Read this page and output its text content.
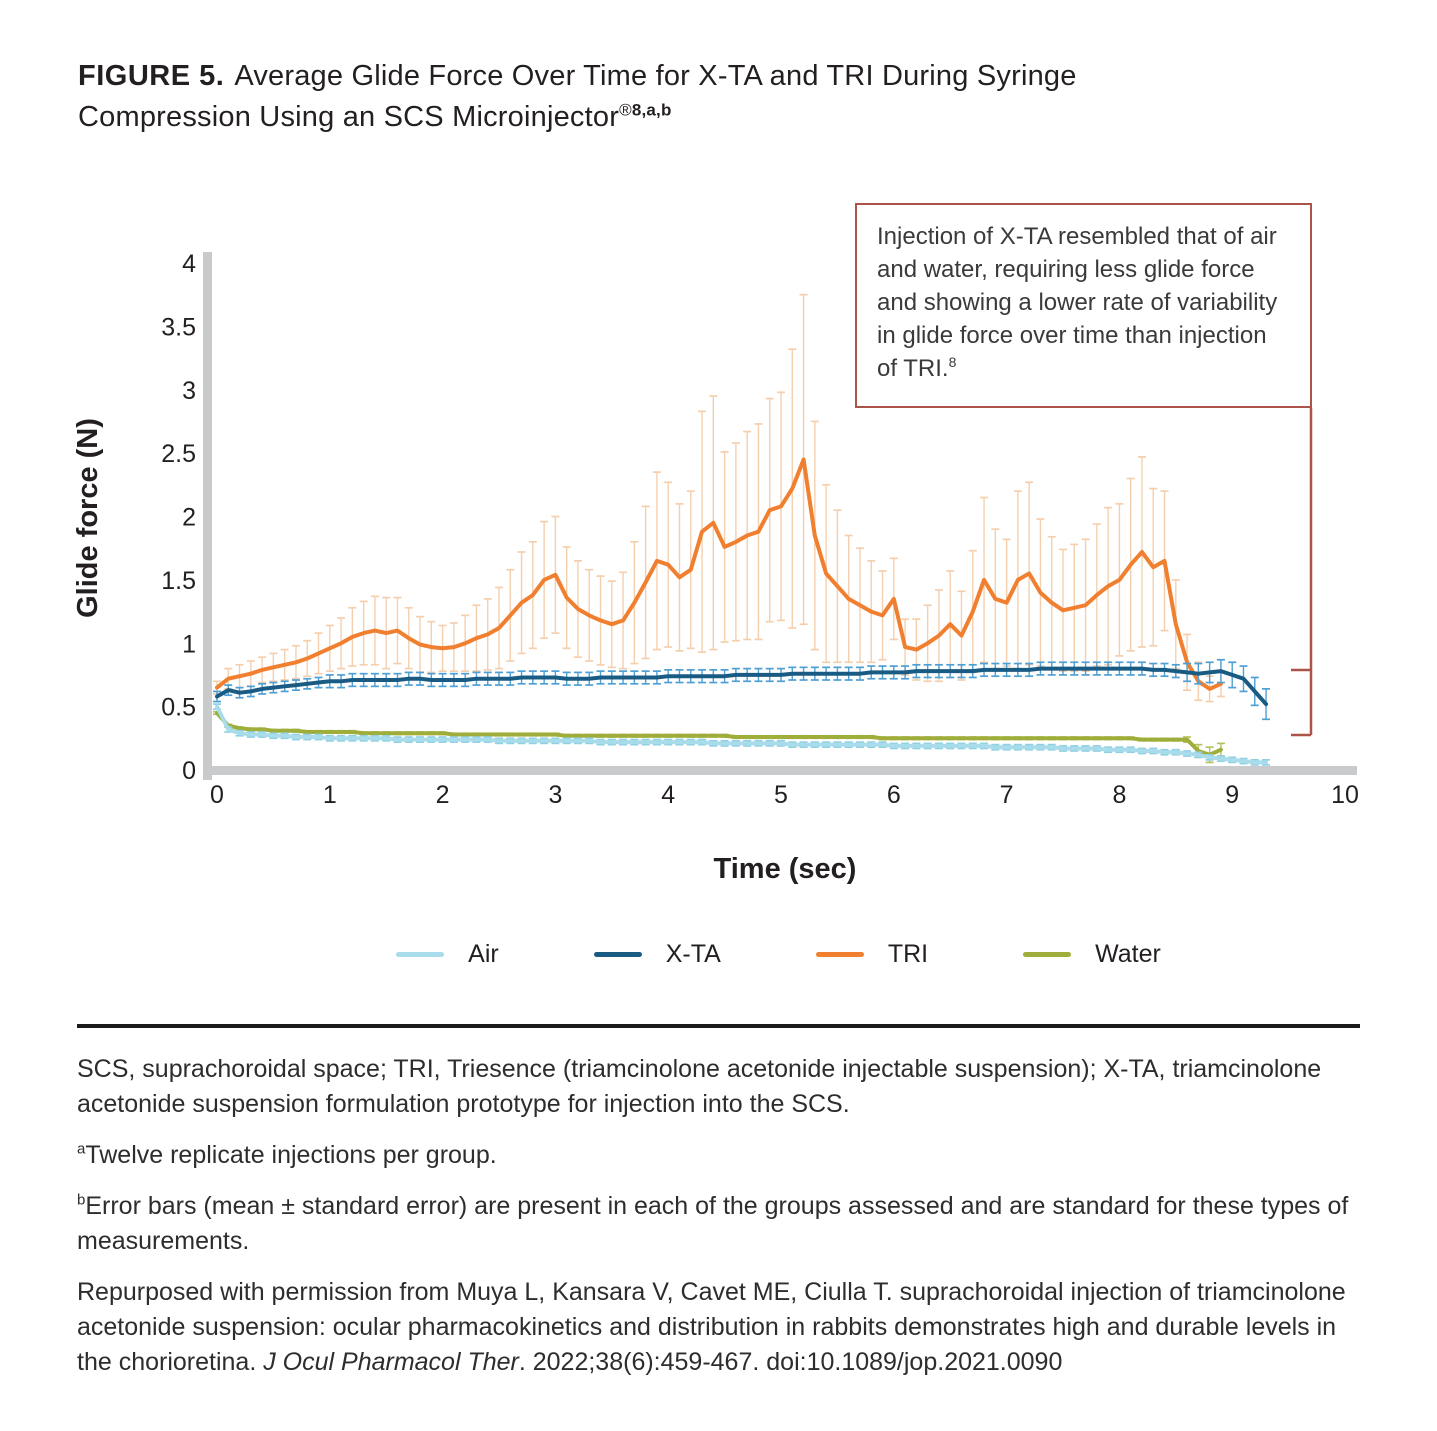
FIGURE 5. Average Glide Force Over Time for X-TA and TRI During Syringe Compression Using an SCS Microinjector$^{®8,a,b}$
0
0.5
1
1.5
2
2.5
3
3.5
4
0	1	2	3	4	5	6	7	8	9	10
Time (sec)
Glide force (N)
Injection of X-TA resembled that of air and water, requiring less glide force and showing a lower rate of variability in glide force over time than injection of TRI.$^8$
Air	X-TA	TRI	Water

SCS, suprachoroidal space; TRI, Triesence (triamcinolone acetonide injectable suspension); X-TA, triamcinolone acetonide suspension formulation prototype for injection into the SCS.

$^a$Twelve replicate injections per group.

$^b$Error bars (mean ± standard error) are present in each of the groups assessed and are standard for these types of measurements.

Repurposed with permission from Muya L, Kansara V, Cavet ME, Ciulla T. suprachoroidal injection of triamcinolone acetonide suspension: ocular pharmacokinetics and distribution in rabbits demonstrates high and durable levels in the chorioretina. J Ocul Pharmacol Ther. 2022;38(6):459-467. doi:10.1089/jop.2021.0090
